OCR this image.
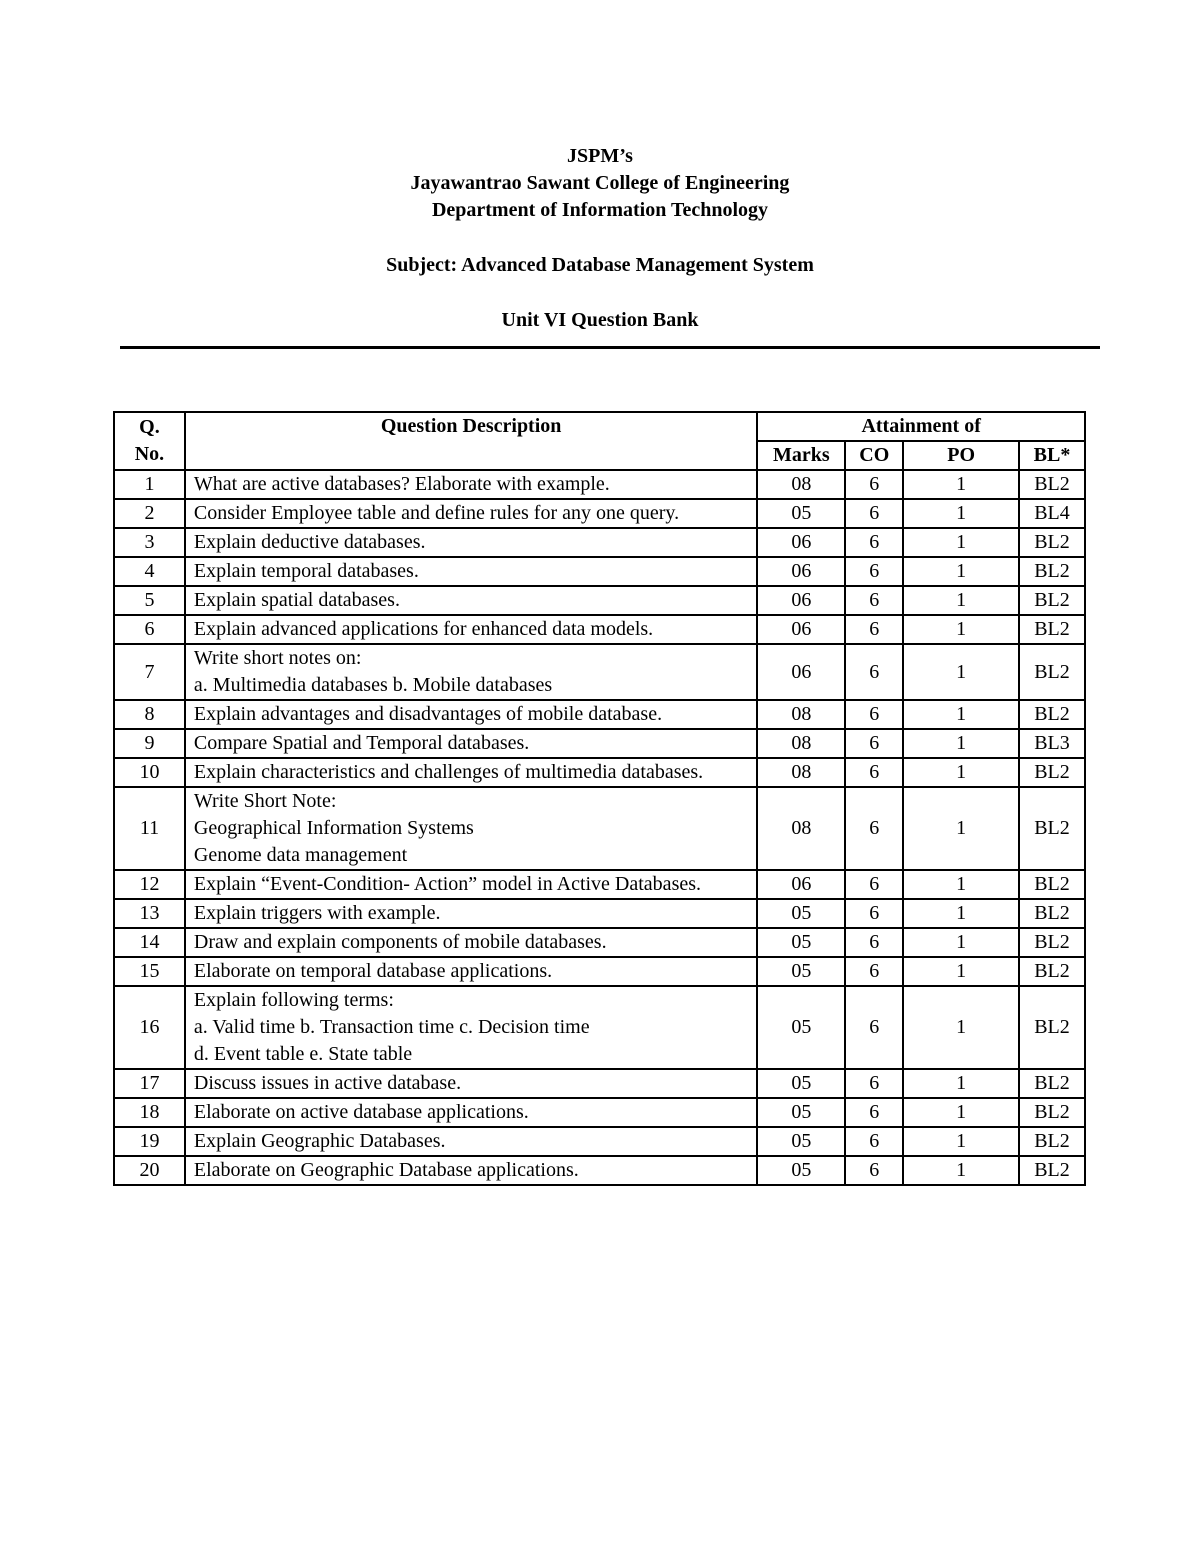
JSPM’s
Jayawantrao Sawant College of Engineering
Department of Information Technology
Subject: Advanced Database Management System
Unit VI Question Bank
Q.
No.	Question Description	Attainment of			
		Marks	CO	PO	BL*
1	What are active databases? Elaborate with example.	08	6	1	BL2
2	Consider Employee table and define rules for any one query.	05	6	1	BL4
3	Explain deductive databases.	06	6	1	BL2
4	Explain temporal databases.	06	6	1	BL2
5	Explain spatial databases.	06	6	1	BL2
6	Explain advanced applications for enhanced data models.	06	6	1	BL2
7	Write short notes on:
a. Multimedia databases b. Mobile databases	06	6	1	BL2
8	Explain advantages and disadvantages of mobile database.	08	6	1	BL2
9	Compare Spatial and Temporal databases.	08	6	1	BL3
10	Explain characteristics and challenges of multimedia databases.	08	6	1	BL2
11	Write Short Note:
Geographical Information Systems
Genome data management	08	6	1	BL2
12	Explain “Event-Condition- Action” model in Active Databases.	06	6	1	BL2
13	Explain triggers with example.	05	6	1	BL2
14	Draw and explain components of mobile databases.	05	6	1	BL2
15	Elaborate on temporal database applications.	05	6	1	BL2
16	Explain following terms:
a. Valid time b. Transaction time c. Decision time
d. Event table e. State table	05	6	1	BL2
17	Discuss issues in active database.	05	6	1	BL2
18	Elaborate on active database applications.	05	6	1	BL2
19	Explain Geographic Databases.	05	6	1	BL2
20	Elaborate on Geographic Database applications.	05	6	1	BL2
